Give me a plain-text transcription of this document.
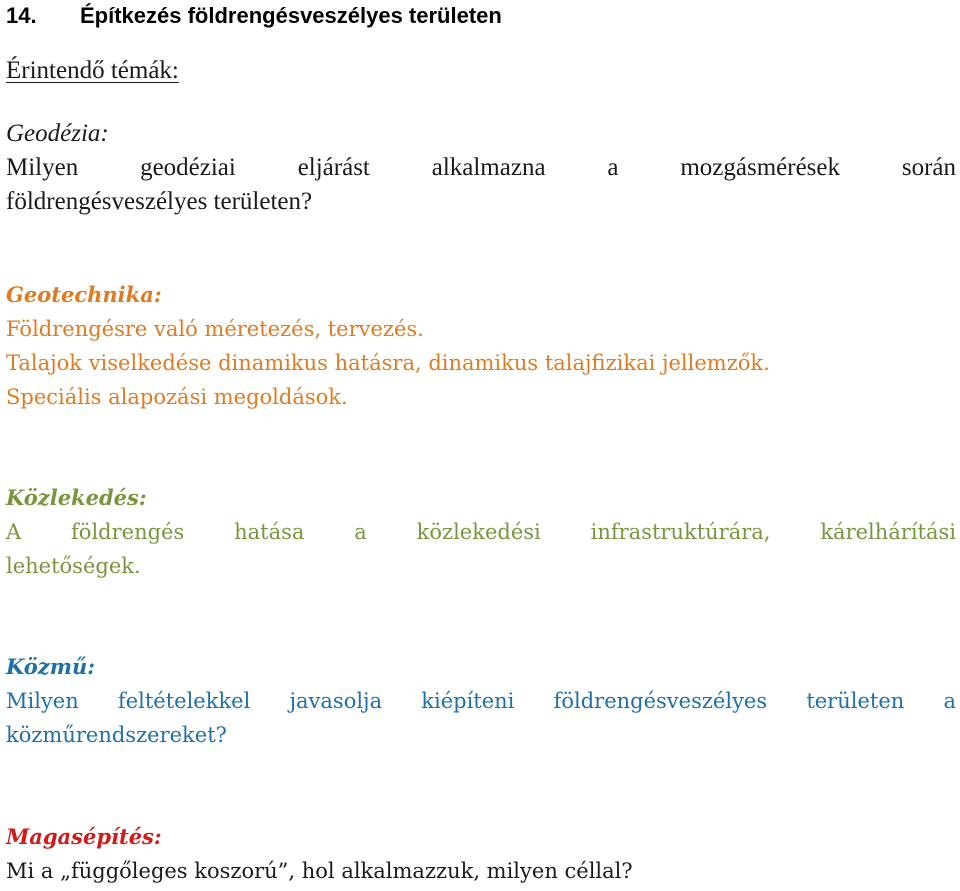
14. Építkezés földrengésveszélyes területen
Érintendő témák:
Geodézia:
Milyen geodéziai eljárást alkalmazna a mozgásmérések során
földrengésveszélyes területen?
Geotechnika:
Földrengésre való méretezés, tervezés.
Talajok viselkedése dinamikus hatásra, dinamikus talajfizikai jellemzők.
Speciális alapozási megoldások.
Közlekedés:
A földrengés hatása a közlekedési infrastruktúrára, kárelhárítási
lehetőségek.
Közmű:
Milyen feltételekkel javasolja kiépíteni földrengésveszélyes területen a
közműrendszereket?
Magasépítés:
Mi a „függőleges koszorú”, hol alkalmazzuk, milyen céllal?
